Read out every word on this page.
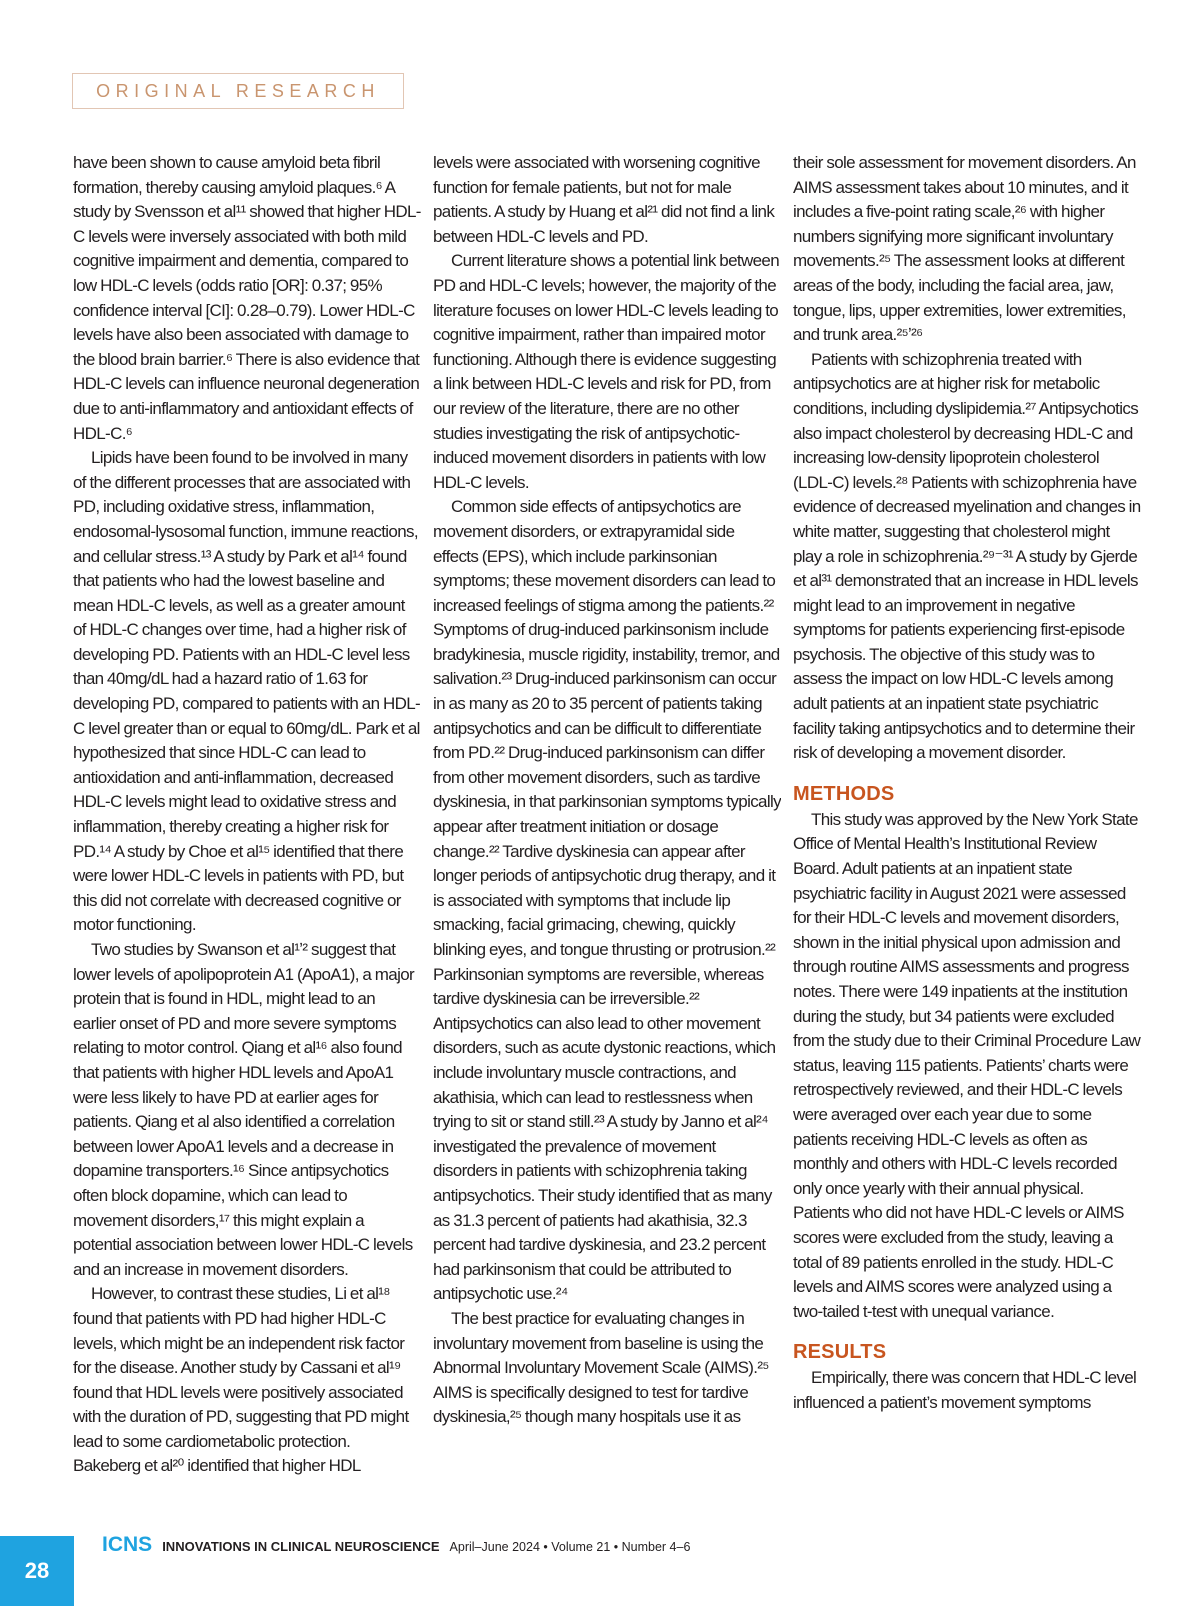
ORIGINAL RESEARCH

have been shown to cause amyloid beta fibril formation, thereby causing amyloid plaques.⁶ A study by Svensson et al¹¹ showed that higher HDL-C levels were inversely associated with both mild cognitive impairment and dementia, compared to low HDL-C levels (odds ratio [OR]: 0.37; 95% confidence interval [CI]: 0.28–0.79). Lower HDL-C levels have also been associated with damage to the blood brain barrier.⁶ There is also evidence that HDL-C levels can influence neuronal degeneration due to anti-inflammatory and antioxidant effects of HDL-C.⁶

Lipids have been found to be involved in many of the different processes that are associated with PD, including oxidative stress, inflammation, endosomal-lysosomal function, immune reactions, and cellular stress.¹³ A study by Park et al¹⁴ found that patients who had the lowest baseline and mean HDL-C levels, as well as a greater amount of HDL-C changes over time, had a higher risk of developing PD. Patients with an HDL-C level less than 40mg/dL had a hazard ratio of 1.63 for developing PD, compared to patients with an HDL-C level greater than or equal to 60mg/dL. Park et al hypothesized that since HDL-C can lead to antioxidation and anti-inflammation, decreased HDL-C levels might lead to oxidative stress and inflammation, thereby creating a higher risk for PD.¹⁴ A study by Choe et al¹⁵ identified that there were lower HDL-C levels in patients with PD, but this did not correlate with decreased cognitive or motor functioning.

Two studies by Swanson et al¹ʼ² suggest that lower levels of apolipoprotein A1 (ApoA1), a major protein that is found in HDL, might lead to an earlier onset of PD and more severe symptoms relating to motor control. Qiang et al¹⁶ also found that patients with higher HDL levels and ApoA1 were less likely to have PD at earlier ages for patients. Qiang et al also identified a correlation between lower ApoA1 levels and a decrease in dopamine transporters.¹⁶ Since antipsychotics often block dopamine, which can lead to movement disorders,¹⁷ this might explain a potential association between lower HDL-C levels and an increase in movement disorders.

However, to contrast these studies, Li et al¹⁸ found that patients with PD had higher HDL-C levels, which might be an independent risk factor for the disease. Another study by Cassani et al¹⁹ found that HDL levels were positively associated with the duration of PD, suggesting that PD might lead to some cardiometabolic protection. Bakeberg et al²⁰ identified that higher HDL

levels were associated with worsening cognitive function for female patients, but not for male patients. A study by Huang et al²¹ did not find a link between HDL-C levels and PD.

Current literature shows a potential link between PD and HDL-C levels; however, the majority of the literature focuses on lower HDL-C levels leading to cognitive impairment, rather than impaired motor functioning. Although there is evidence suggesting a link between HDL-C levels and risk for PD, from our review of the literature, there are no other studies investigating the risk of antipsychotic-induced movement disorders in patients with low HDL-C levels.

Common side effects of antipsychotics are movement disorders, or extrapyramidal side effects (EPS), which include parkinsonian symptoms; these movement disorders can lead to increased feelings of stigma among the patients.²² Symptoms of drug-induced parkinsonism include bradykinesia, muscle rigidity, instability, tremor, and salivation.²³ Drug-induced parkinsonism can occur in as many as 20 to 35 percent of patients taking antipsychotics and can be difficult to differentiate from PD.²² Drug-induced parkinsonism can differ from other movement disorders, such as tardive dyskinesia, in that parkinsonian symptoms typically appear after treatment initiation or dosage change.²² Tardive dyskinesia can appear after longer periods of antipsychotic drug therapy, and it is associated with symptoms that include lip smacking, facial grimacing, chewing, quickly blinking eyes, and tongue thrusting or protrusion.²² Parkinsonian symptoms are reversible, whereas tardive dyskinesia can be irreversible.²² Antipsychotics can also lead to other movement disorders, such as acute dystonic reactions, which include involuntary muscle contractions, and akathisia, which can lead to restlessness when trying to sit or stand still.²³ A study by Janno et al²⁴ investigated the prevalence of movement disorders in patients with schizophrenia taking antipsychotics. Their study identified that as many as 31.3 percent of patients had akathisia, 32.3 percent had tardive dyskinesia, and 23.2 percent had parkinsonism that could be attributed to antipsychotic use.²⁴

The best practice for evaluating changes in involuntary movement from baseline is using the Abnormal Involuntary Movement Scale (AIMS).²⁵ AIMS is specifically designed to test for tardive dyskinesia,²⁵ though many hospitals use it as

their sole assessment for movement disorders. An AIMS assessment takes about 10 minutes, and it includes a five-point rating scale,²⁶ with higher numbers signifying more significant involuntary movements.²⁵ The assessment looks at different areas of the body, including the facial area, jaw, tongue, lips, upper extremities, lower extremities, and trunk area.²⁵ʼ²⁶

Patients with schizophrenia treated with antipsychotics are at higher risk for metabolic conditions, including dyslipidemia.²⁷ Antipsychotics also impact cholesterol by decreasing HDL-C and increasing low-density lipoprotein cholesterol (LDL-C) levels.²⁸ Patients with schizophrenia have evidence of decreased myelination and changes in white matter, suggesting that cholesterol might play a role in schizophrenia.²⁹⁻³¹ A study by Gjerde et al³¹ demonstrated that an increase in HDL levels might lead to an improvement in negative symptoms for patients experiencing first-episode psychosis. The objective of this study was to assess the impact on low HDL-C levels among adult patients at an inpatient state psychiatric facility taking antipsychotics and to determine their risk of developing a movement disorder.

METHODS

This study was approved by the New York State Office of Mental Health’s Institutional Review Board. Adult patients at an inpatient state psychiatric facility in August 2021 were assessed for their HDL-C levels and movement disorders, shown in the initial physical upon admission and through routine AIMS assessments and progress notes. There were 149 inpatients at the institution during the study, but 34 patients were excluded from the study due to their Criminal Procedure Law status, leaving 115 patients. Patients’ charts were retrospectively reviewed, and their HDL-C levels were averaged over each year due to some patients receiving HDL-C levels as often as monthly and others with HDL-C levels recorded only once yearly with their annual physical. Patients who did not have HDL-C levels or AIMS scores were excluded from the study, leaving a total of 89 patients enrolled in the study. HDL-C levels and AIMS scores were analyzed using a two-tailed t-test with unequal variance.

RESULTS

Empirically, there was concern that HDL-C level influenced a patient’s movement symptoms

28
ICNS INNOVATIONS IN CLINICAL NEUROSCIENCE April–June 2024 • Volume 21 • Number 4–6
